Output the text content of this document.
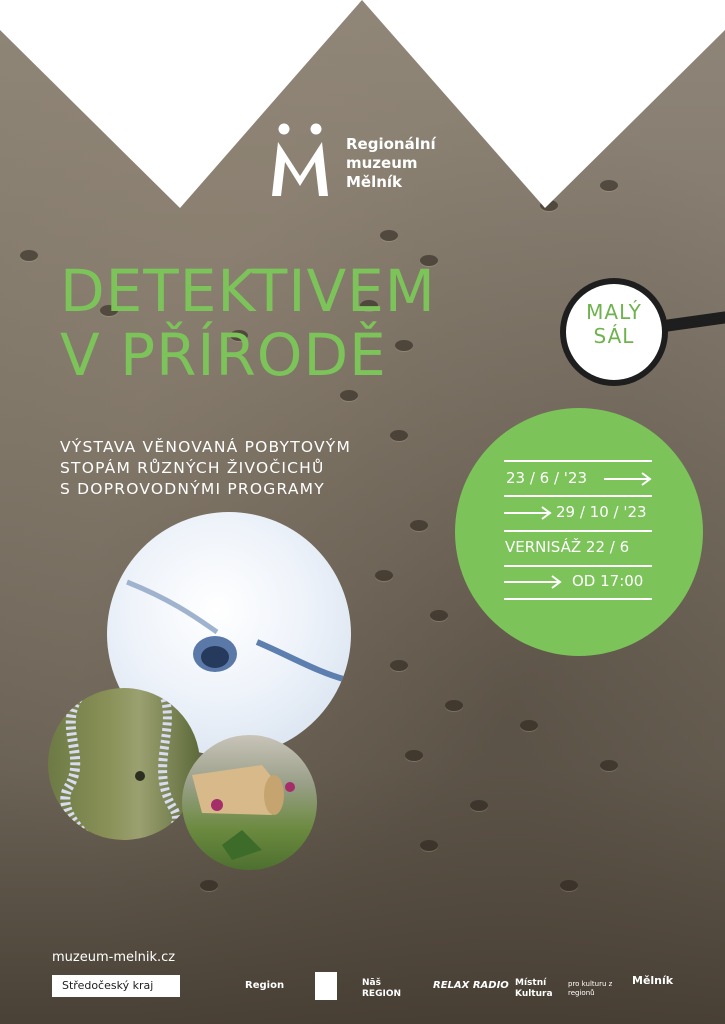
Regionální
muzeum
Mělník
DETEKTIVEM
V PŘÍRODĚ
MALÝ
SÁL
VÝSTAVA VĚNOVANÁ POBYTOVÝM
STOPÁM RŮZNÝCH ŽIVOČICHŮ
S DOPROVODNÝMI PROGRAMY
23 / 6 / '23
29 / 10 / '23
VERNISÁŽ 22 / 6
OD 17:00
muzeum-melnik.cz
Středočeský kraj	Region	Nāš REGION
RELAX RADIO Místní Kultura
pro kulturu z regionů
Mělník
